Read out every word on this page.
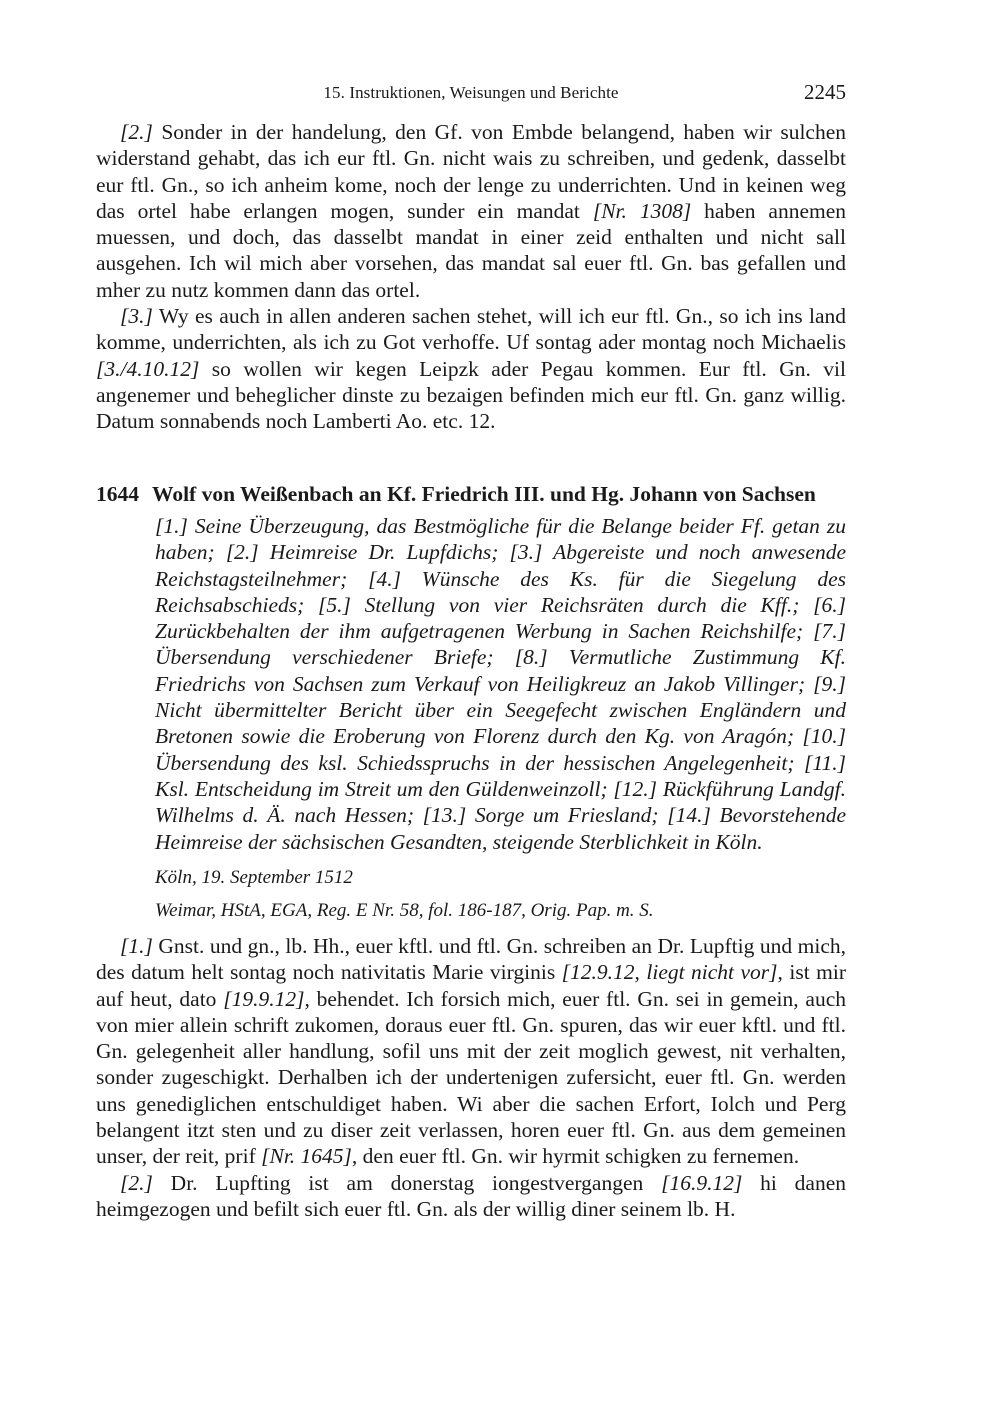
15. Instruktionen, Weisungen und Berichte	2245

[2.] Sonder in der handelung, den Gf. von Embde belangend, haben wir sulchen widerstand gehabt, das ich eur ftl. Gn. nicht wais zu schreiben, und gedenk, dasselbt eur ftl. Gn., so ich anheim kome, noch der lenge zu underrichten. Und in keinen weg das ortel habe erlangen mogen, sunder ein mandat [Nr. 1308] haben annemen muessen, und doch, das dasselbt mandat in einer zeid enthalten und nicht sall ausgehen. Ich wil mich aber vorsehen, das mandat sal euer ftl. Gn. bas gefallen und mher zu nutz kommen dann das ortel.

[3.] Wy es auch in allen anderen sachen stehet, will ich eur ftl. Gn., so ich ins land komme, underrichten, als ich zu Got verhoffe. Uf sontag ader montag noch Michaelis [3./4.10.12] so wollen wir kegen Leipzk ader Pegau kommen. Eur ftl. Gn. vil angenemer und beheglicher dinste zu bezaigen befinden mich eur ftl. Gn. ganz willig. Datum sonnabends noch Lamberti Ao. etc. 12.

1644 Wolf von Weißenbach an Kf. Friedrich III. und Hg. Johann von Sachsen
[1.] Seine Überzeugung, das Bestmögliche für die Belange beider Ff. getan zu haben; [2.] Heimreise Dr. Lupfdichs; [3.] Abgereiste und noch anwesende Reichstagsteilnehmer; [4.] Wünsche des Ks. für die Siegelung des Reichsabschieds; [5.] Stellung von vier Reichsräten durch die Kff.; [6.] Zurückbehalten der ihm aufgetragenen Werbung in Sachen Reichshilfe; [7.] Übersendung verschiedener Briefe; [8.] Vermutliche Zustimmung Kf. Friedrichs von Sachsen zum Verkauf von Heiligkreuz an Jakob Villinger; [9.] Nicht übermittelter Bericht über ein Seegefecht zwischen Engländern und Bretonen sowie die Eroberung von Florenz durch den Kg. von Aragón; [10.] Übersendung des ksl. Schiedsspruchs in der hessischen Angelegenheit; [11.] Ksl. Entscheidung im Streit um den Güldenweinzoll; [12.] Rückführung Landgf. Wilhelms d. Ä. nach Hessen; [13.] Sorge um Friesland; [14.] Bevorstehende Heimreise der sächsischen Gesandten, steigende Sterblichkeit in Köln.
Köln, 19. September 1512
Weimar, HStA, EGA, Reg. E Nr. 58, fol. 186-187, Orig. Pap. m. S.

[1.] Gnst. und gn., lb. Hh., euer kftl. und ftl. Gn. schreiben an Dr. Lupftig und mich, des datum helt sontag noch nativitatis Marie virginis [12.9.12, liegt nicht vor], ist mir auf heut, dato [19.9.12], behendet. Ich forsich mich, euer ftl. Gn. sei in gemein, auch von mier allein schrift zukomen, doraus euer ftl. Gn. spuren, das wir euer kftl. und ftl. Gn. gelegenheit aller handlung, sofil uns mit der zeit moglich gewest, nit verhalten, sonder zugeschigkt. Derhalben ich der undertenigen zufersicht, euer ftl. Gn. werden uns genediglichen entschuldiget haben. Wi aber die sachen Erfort, Iolch und Perg belangent itzt sten und zu diser zeit verlassen, horen euer ftl. Gn. aus dem gemeinen unser, der reit, prif [Nr. 1645], den euer ftl. Gn. wir hyrmit schigken zu fernemen.

[2.] Dr. Lupfting ist am donerstag iongestvergangen [16.9.12] hi danen heimgezogen und befilt sich euer ftl. Gn. als der willig diner seinem lb. H.
